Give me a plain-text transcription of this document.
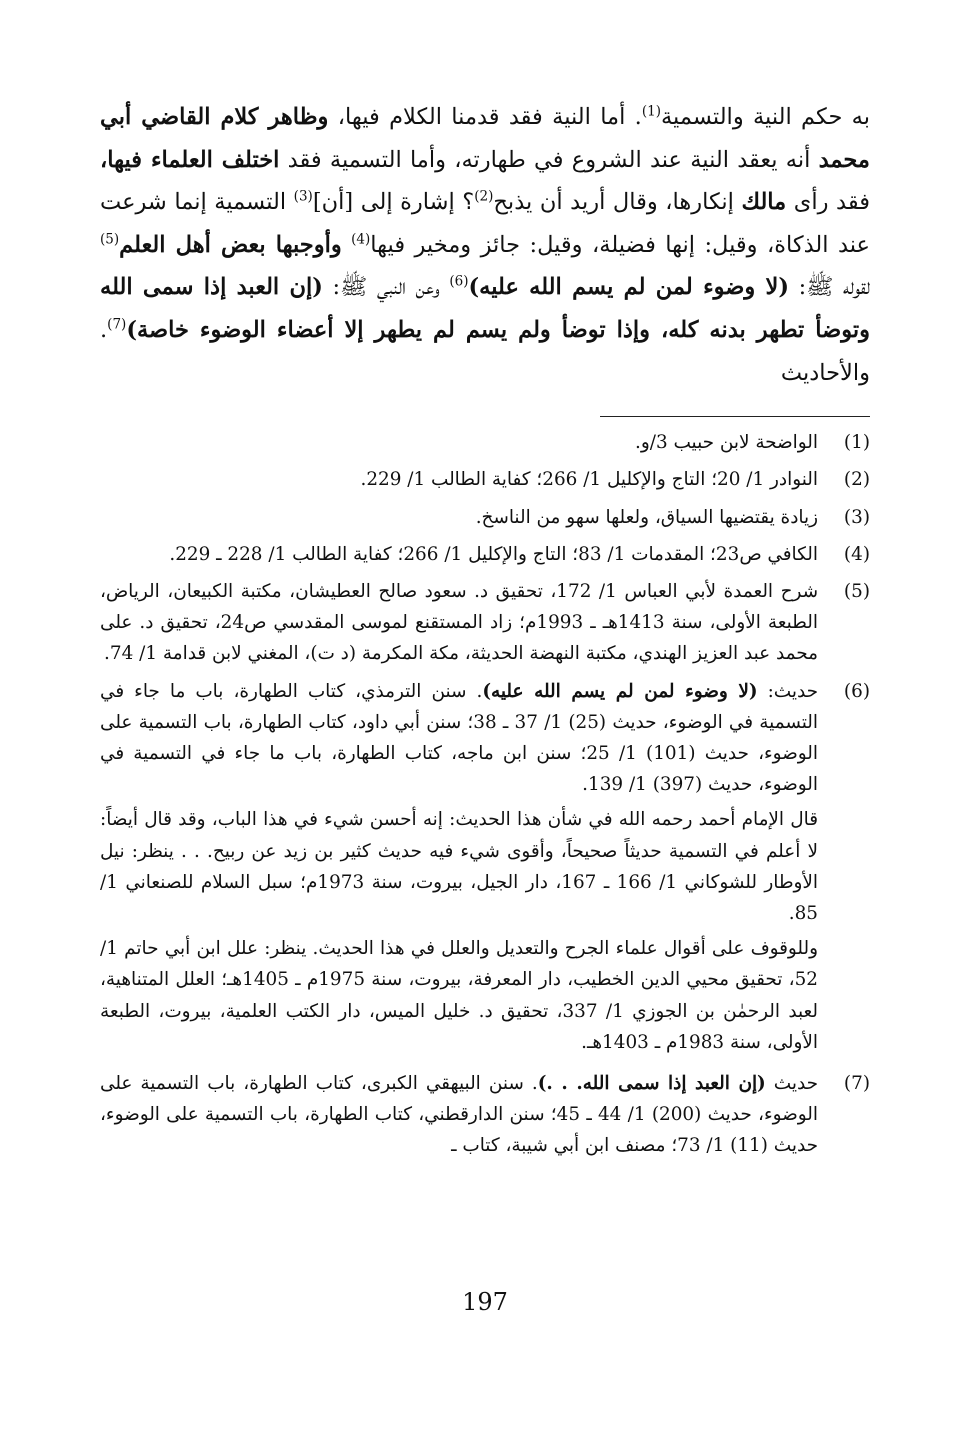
به حكم النية والتسمية$^{(1)}$. أما النية فقد قدمنا الكلام فيها، وظاهر كلام القاضي أبي محمد أنه يعقد النية عند الشروع في طهارته، وأما التسمية فقد اختلف العلماء فيها، فقد رأى مالك إنكارها، وقال أريد أن يذبح$^{(2)}$؟ إشارة إلى [أن]$^{(3)}$ التسمية إنما شرعت عند الذكاة، وقيل: إنها فضيلة، وقيل: جائز ومخير فيها$^{(4)}$ وأوجبها بعض أهل العلم$^{(5)}$ لقوله ﷺ: (لا وضوء لمن لم يسم الله عليه)$^{(6)}$ وعن النبي ﷺ: (إن العبد إذا سمى الله وتوضأ تطهر بدنه كله، وإذا توضأ ولم يسم لم يطهر إلا أعضاء الوضوء خاصة)$^{(7)}$. والأحاديث

(1)
الواضحة لابن حبيب 3/و.
(2)
النوادر 1/ 20؛ التاج والإكليل 1/ 266؛ كفاية الطالب 1/ 229.
(3)
زيادة يقتضيها السياق، ولعلها سهو من الناسخ.
(4)
الكافي ص23؛ المقدمات 1/ 83؛ التاج والإكليل 1/ 266؛ كفاية الطالب 1/ 228 ـ 229.
(5)
شرح العمدة لأبي العباس 1/ 172، تحقيق د. سعود صالح العطيشان، مكتبة الكبيعان، الرياض، الطبعة الأولى، سنة 1413هـ ـ 1993م؛ زاد المستقنع لموسى المقدسي ص24، تحقيق د. على محمد عبد العزيز الهندي، مكتبة النهضة الحديثة، مكة المكرمة (د ت)، المغني لابن قدامة 1/ 74.
(6)

حديث: (لا وضوء لمن لم يسم الله عليه). سنن الترمذي، كتاب الطهارة، باب ما جاء في التسمية في الوضوء، حديث (25) 1/ 37 ـ 38؛ سنن أبي داود، كتاب الطهارة، باب التسمية على الوضوء، حديث (101) 1/ 25؛ سنن ابن ماجه، كتاب الطهارة، باب ما جاء في التسمية في الوضوء، حديث (397) 1/ 139.

قال الإمام أحمد رحمه الله في شأن هذا الحديث: إنه أحسن شيء في هذا الباب، وقد قال أيضاً: لا أعلم في التسمية حديثاً صحيحاً، وأقوى شيء فيه حديث كثير بن زيد عن ربيح. . . ينظر: نيل الأوطار للشوكاني 1/ 166 ـ 167، دار الجيل، بيروت، سنة 1973م؛ سبل السلام للصنعاني 1/ 85.

وللوقوف على أقوال علماء الجرح والتعديل والعلل في هذا الحديث. ينظر: علل ابن أبي حاتم 1/ 52، تحقيق محيي الدين الخطيب، دار المعرفة، بيروت، سنة 1975م ـ 1405هـ؛ العلل المتناهية، لعبد الرحمٰن بن الجوزي 1/ 337، تحقيق د. خليل الميس، دار الكتب العلمية، بيروت، الطبعة الأولى، سنة 1983م ـ 1403هـ.

(7)
حديث (إن العبد إذا سمى الله. . .). سنن البيهقي الكبرى، كتاب الطهارة، باب التسمية على الوضوء، حديث (200) 1/ 44 ـ 45؛ سنن الدارقطني، كتاب الطهارة، باب التسمية على الوضوء، حديث (11) 1/ 73؛ مصنف ابن أبي شيبة، كتاب ـ
197
